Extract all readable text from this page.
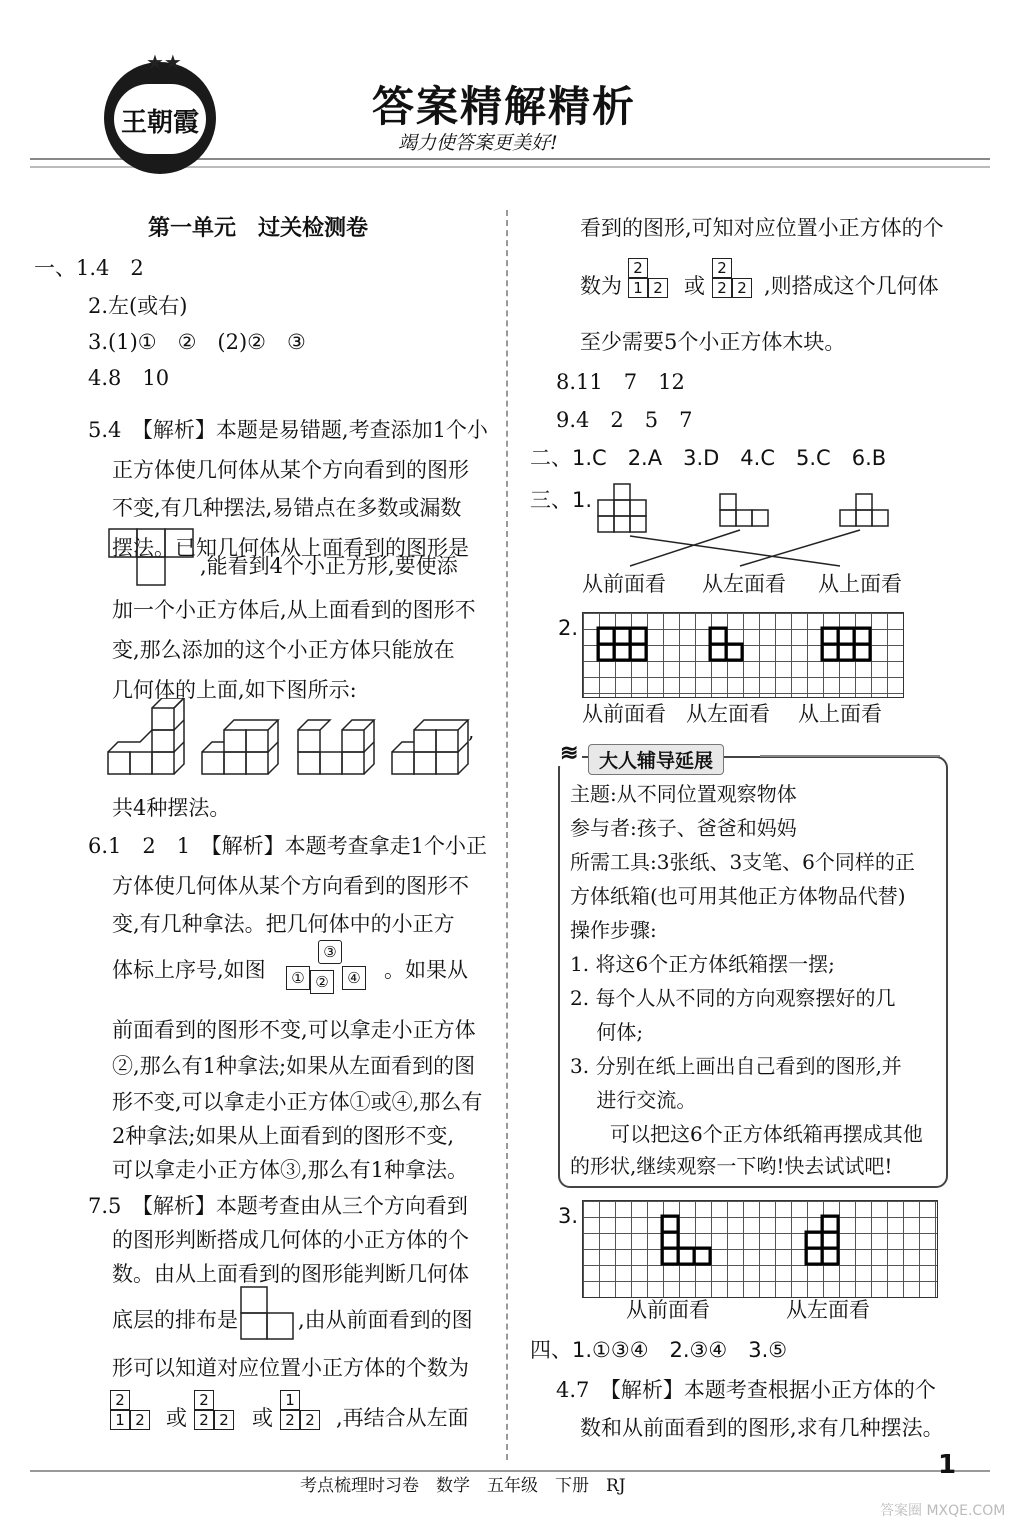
王朝霞
★★
答案精解精析
竭力使答案更美好!
第一单元　过关检测卷
一、1.4　2
2.左(或右)
3.(1)①　②　(2)②　③
4.8　10
5.4　【解析】本题是易错题,考查添加1个小
正方体使几何体从某个方向看到的图形
不变,有几种摆法,易错点在多数或漏数
摆法。已知几何体从上面看到的图形是
,能看到4个小正方形,要使添
加一个小正方体后,从上面看到的图形不
变,那么添加的这个小正方体只能放在
几何体的上面,如下图所示:
,
共4种摆法。
6.1　2　1　【解析】本题考查拿走1个小正
方体使几何体从某个方向看到的图形不
变,有几种拿法。把几何体中的小正方
体标上序号,如图
③
① ②	④ 。如果从
前面看到的图形不变,可以拿走小正方体
②,那么有1种拿法;如果从左面看到的图
形不变,可以拿走小正方体①或④,那么有
2种拿法;如果从上面看到的图形不变,
可以拿走小正方体③,那么有1种拿法。
7.5　【解析】本题考查由从三个方向看到
的图形判断搭成几何体的小正方体的个
数。由从上面看到的图形能判断几何体
底层的排布是	,由从前面看到的图
形可以知道对应位置小正方体的个数为
2
1 2 或
2
2 2 或
1
2 2 ,再结合从左面
看到的图形,可知对应位置小正方体的个
数为
2
1 2 或
2
2 2 ,则搭成这个几何体
至少需要5个小正方体木块。
8.11　7　12
9.4　2　5　7
二、1.C　2.A　3.D　4.C　5.C　6.B
三、1.
从前面看 从左面看 从上面看
2.
从前面看 从左面看 从上面看
≋	大人辅导延展
主题:从不同位置观察物体
参与者:孩子、爸爸和妈妈
所需工具:3张纸、3支笔、6个同样的正
方体纸箱(也可用其他正方体物品代替)
操作步骤:
1. 将这6个正方体纸箱摆一摆;
2. 每个人从不同的方向观察摆好的几
　 何体;
3. 分别在纸上画出自己看到的图形,并
　 进行交流。
　　可以把这6个正方体纸箱再摆成其他
的形状,继续观察一下哟!快去试试吧!
3.
从前面看	从左面看
四、1.①③④　2.③④　3.⑤
4.7　【解析】本题考查根据小正方体的个
数和从前面看到的图形,求有几种摆法。
考点梳理时习卷　数学　五年级　下册　RJ
1
答案圈 MXQE.COM
